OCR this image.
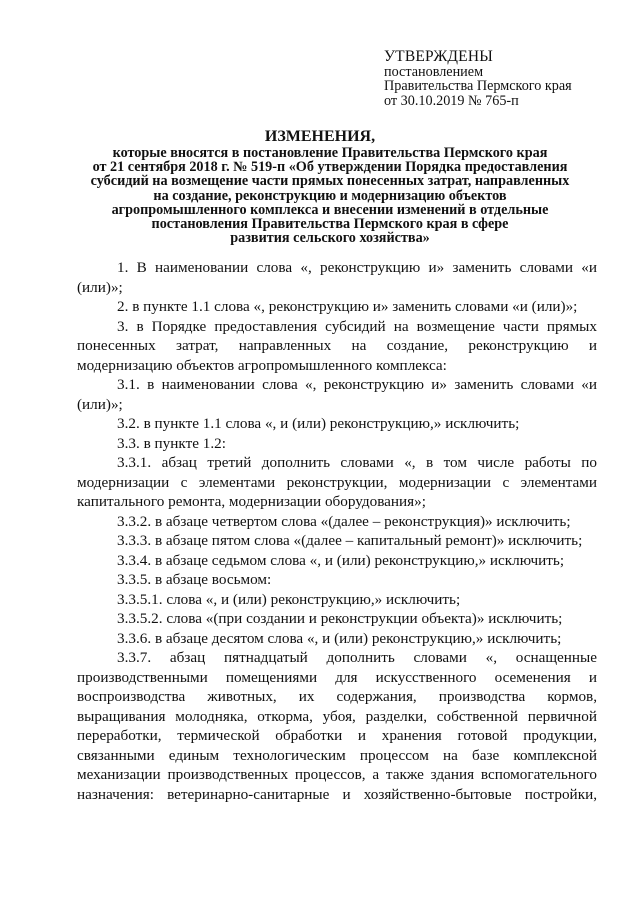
УТВЕРЖДЕНЫ
постановлением
Правительства Пермского края
от 30.10.2019 № 765-п
ИЗМЕНЕНИЯ,
которые вносятся в постановление Правительства Пермского края
от 21 сентября 2018 г. № 519-п «Об утверждении Порядка предоставления
субсидий на возмещение части прямых понесенных затрат, направленных
на создание, реконструкцию и модернизацию объектов
агропромышленного комплекса и внесении изменений в отдельные
постановления Правительства Пермского края в сфере
развития сельского хозяйства»

1. В наименовании слова «, реконструкцию и» заменить словами «и (или)»;

2. в пункте 1.1 слова «, реконструкцию и» заменить словами «и (или)»;

3. в Порядке предоставления субсидий на возмещение части прямых понесенных затрат, направленных на создание, реконструкцию и модернизацию объектов агропромышленного комплекса:

3.1. в наименовании слова «, реконструкцию и» заменить словами «и (или)»;

3.2. в пункте 1.1 слова «, и (или) реконструкцию,» исключить;

3.3. в пункте 1.2:

3.3.1. абзац третий дополнить словами «, в том числе работы по модернизации с элементами реконструкции, модернизации с элементами капитального ремонта, модернизации оборудования»;

3.3.2. в абзаце четвертом слова «(далее – реконструкция)» исключить;

3.3.3. в абзаце пятом слова «(далее – капитальный ремонт)» исключить;

3.3.4. в абзаце седьмом слова «, и (или) реконструкцию,» исключить;

3.3.5. в абзаце восьмом:

3.3.5.1. слова «, и (или) реконструкцию,» исключить;

3.3.5.2. слова «(при создании и реконструкции объекта)» исключить;

3.3.6. в абзаце десятом слова «, и (или) реконструкцию,» исключить;

3.3.7. абзац пятнадцатый дополнить словами «, оснащенные производственными помещениями для искусственного осеменения и воспроизводства животных, их содержания, производства кормов, выращивания молодняка, откорма, убоя, разделки, собственной первичной переработки, термической обработки и хранения готовой продукции, связанными единым технологическим процессом на базе комплексной механизации производственных процессов, а также здания вспомогательного назначения: ветеринарно-санитарные и хозяйственно-бытовые постройки,
